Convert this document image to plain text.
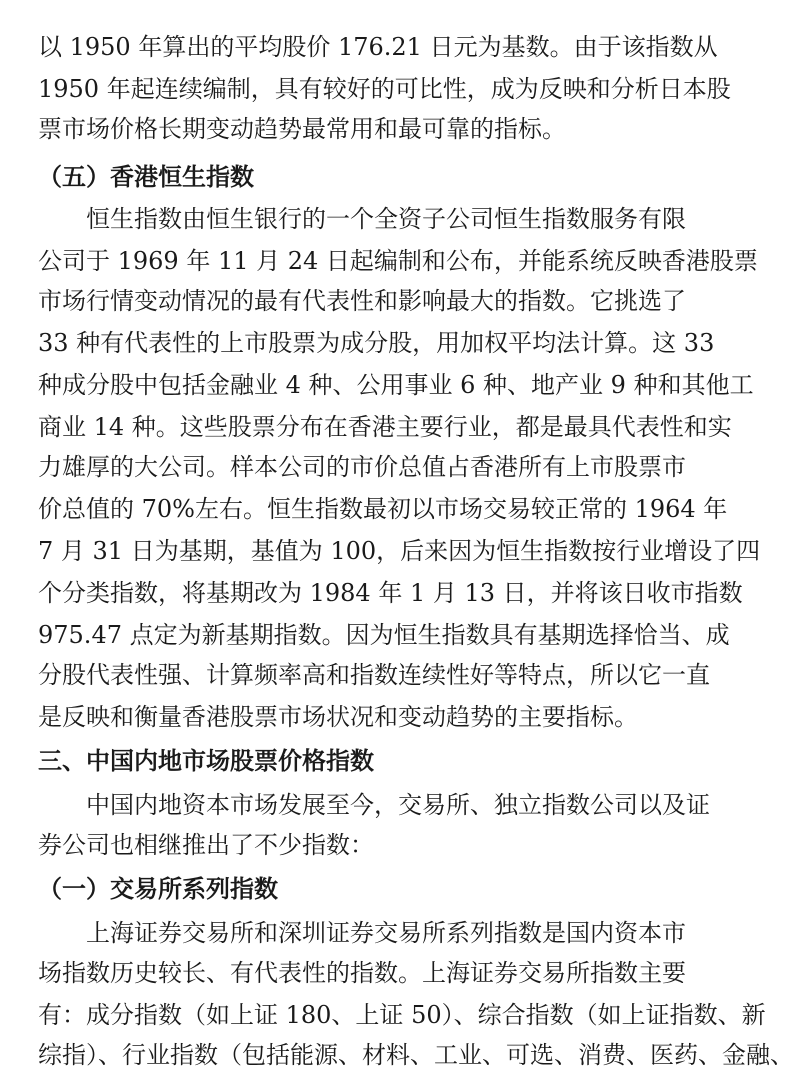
以 1950 年算出的平均股价 176.21 日元为基数。由于该指数从
1950 年起连续编制，具有较好的可比性，成为反映和分析日本股
票市场价格长期变动趋势最常用和最可靠的指标。
（五）香港恒生指数
恒生指数由恒生银行的一个全资子公司恒生指数服务有限
公司于 1969 年 11 月 24 日起编制和公布，并能系统反映香港股票
市场行情变动情况的最有代表性和影响最大的指数。它挑选了
33 种有代表性的上市股票为成分股，用加权平均法计算。这 33
种成分股中包括金融业 4 种、公用事业 6 种、地产业 9 种和其他工
商业 14 种。这些股票分布在香港主要行业，都是最具代表性和实
力雄厚的大公司。样本公司的市价总值占香港所有上市股票市
价总值的 70%左右。恒生指数最初以市场交易较正常的 1964 年
7 月 31 日为基期，基值为 100，后来因为恒生指数按行业增设了四
个分类指数，将基期改为 1984 年 1 月 13 日，并将该日收市指数
975.47 点定为新基期指数。因为恒生指数具有基期选择恰当、成
分股代表性强、计算频率高和指数连续性好等特点，所以它一直
是反映和衡量香港股票市场状况和变动趋势的主要指标。
三、中国内地市场股票价格指数
中国内地资本市场发展至今，交易所、独立指数公司以及证
券公司也相继推出了不少指数：
（一）交易所系列指数
上海证券交易所和深圳证券交易所系列指数是国内资本市
场指数历史较长、有代表性的指数。上海证券交易所指数主要
有：成分指数（如上证 180、上证 50）、综合指数（如上证指数、新
综指）、行业指数（包括能源、材料、工业、可选、消费、医药、金融、
